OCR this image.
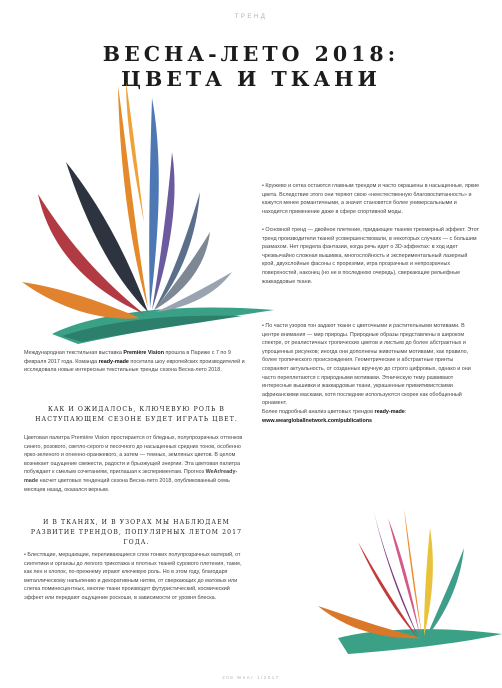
ТРЕНД
ВЕСНА-ЛЕТО 2018:
ЦВЕТА И ТКАНИ
Международная текстильная выставка Première Vision прошла в Париже с 7 по 9 февраля 2017 года. Команда ready-made посетила шоу европейских производителей и исследовала новые интересные текстильные тренды сезона Весна-лето 2018.
КАК И ОЖИДАЛОСЬ, КЛЮЧЕВУЮ РОЛЬ В НАСТУПАЮЩЕМ СЕЗОНЕ БУДЕТ ИГРАТЬ ЦВЕТ.
Цветовая палитра Première Vision простирается от бледных, полупрозрачных оттенков синего, розового, светло-серого и песочного до насыщенных средних тонов, особенно ярко-зеленого и огненно-оранжевого, а затем — темных, земляных цветов. В целом возникает ощущение свежести, радости и брызжущей энергии. Эта цветовая палитра побуждает к смелым сочетаниям, приглашая к экспериментам. Прогноз WeAr/ready-made насчет цветовых тенденций сезона Весна-лето 2018, опубликованный семь месяцев назад, оказался верным.
И В ТКАНЯХ, И В УЗОРАХ МЫ НАБЛЮДАЕМ РАЗВИТИЕ ТРЕНДОВ, ПОПУЛЯРНЫХ ЛЕТОМ 2017 ГОДА.
• Блестящие, мерцающие, переливающиеся слои тонких полупрозрачных материй, от синтетики и органзы до легкого трикотажа и плотных тканей сурового плетения, такие, как лен и хлопок, по-прежнему играют ключевую роль. Но в этом году, благодаря металлическому напылению и декоративным нитям, от сверкающих до матовых или слегка поминесцентных, многие ткани производят футуристический, космический эффект или передают ощущение роскоши, в зависимости от уровня блеска.
• Кружево и сетка остаются главным трендом и часто окрашены в насыщенные, яркие цвета. Вследствие этого они теряют свою «неестественную благовоспитанность» и кажутся менее романтичными, а значит становятся более универсальными и находится применение даже в сфере спортивной моды.
• Основной тренд — двойное плетение, придающее тканям трехмерный эффект. Этот тренд производители тканей усовершенствовали, в некоторых случаях — с большим размахом. Нет предела фантазии, когда речь идет о 3D-эффектах: в ход идет чрезвычайно сложная вышивка, многослойность и экспериментальный лазерный крой, двухслойные фасоны с прорезями, игра прозрачных и непрозрачных поверхностей, наконец (но не в последнюю очередь), сверкающие рельефные жаккардовые ткани.
• По части узоров тон задают ткани с цветочными и растительными мотивами. В центре внимания — мир природы. Природные образы представлены в широком спектре, от реалистичных тропических цветов и листьев до более абстрактных и упрощенных рисунков; иногда они дополнены животными мотивами, как правило, более тропического происхождения. Геометрические и абстрактные принты сохраняют актуальность, от созданных вручную до строго цифровых, однако и они часто переплетаются с природными мотивами. Этническую тему развивают интересные вышивки и жаккардовые ткани, украшенные примитивистскими африканскими масками, хотя последние используются скорее как обобщенный орнамент.
Более подробный анализ цветовых трендов ready-made:
www.weargloballnetwork.com/publications
208 WeAr 1/2017
